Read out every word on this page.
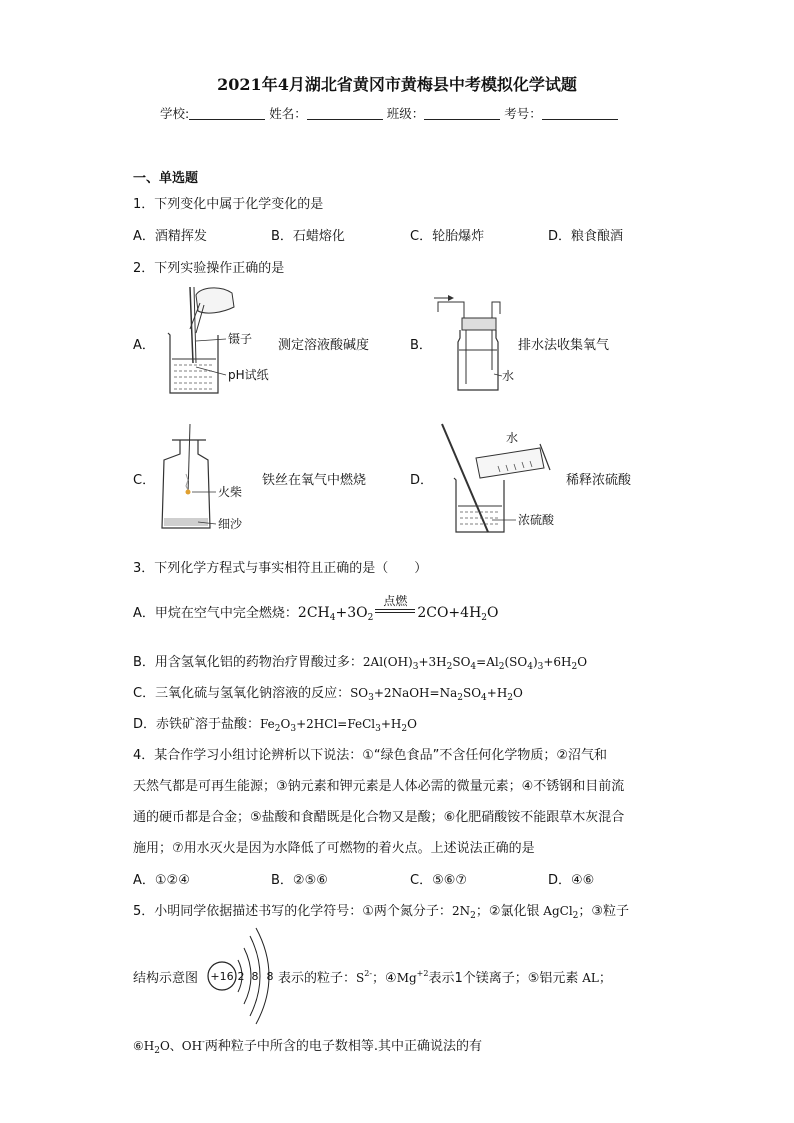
2021年4月湖北省黄冈市黄梅县中考模拟化学试题
学校:	姓名：	班级：	考号：
一、单选题
1．下列变化中属于化学变化的是
A．酒精挥发	B．石蜡熔化	C．轮胎爆炸	D．粮食酿酒
2．下列实验操作正确的是
A．	镊子
pH试纸
测定溶液酸碱度	B．
水
排水法收集氧气
C．
火柴
细沙
铁丝在氧气中燃烧	D．
水
浓硫酸
稀释浓硫酸
3．下列化学方程式与事实相符且正确的是（　　）
A．甲烷在空气中完全燃烧：$2CH_4+3O_2$
点燃
$2CO+4H_2O$
B．用含氢氧化铝的药物治疗胃酸过多：$2Al(OH)_3+3H_2SO_4=Al_2(SO_4)_3+6H_2O$
C．三氧化硫与氢氧化钠溶液的反应：$SO_3+2NaOH=Na_2SO_4+H_2O$
D．赤铁矿溶于盐酸：$Fe_2O_3+2HCl=FeCl_3+H_2O$
4．某合作学习小组讨论辨析以下说法：①“绿色食品”不含任何化学物质；②沼气和
天然气都是可再生能源；③钠元素和钾元素是人体必需的微量元素；④不锈钢和目前流
通的硬币都是合金；⑤盐酸和食醋既是化合物又是酸；⑥化肥硝酸铵不能跟草木灰混合
施用；⑦用水灭火是因为水降低了可燃物的着火点。上述说法正确的是
A．①②④	B．②⑤⑥	C．⑤⑥⑦	D．④⑥
5．小明同学依据描述书写的化学符号：①两个氮分子：$2N_2$；②氯化银 AgCl$_2$；③粒子
结构示意图 +16 2 8 8 表示的粒子：$S^{2-}$；$④Mg^{+2}$表示1个镁离子；⑤铝元素 AL；
$⑥H_2O$、OH-两种粒子中所含的电子数相等.其中正确说法的有
